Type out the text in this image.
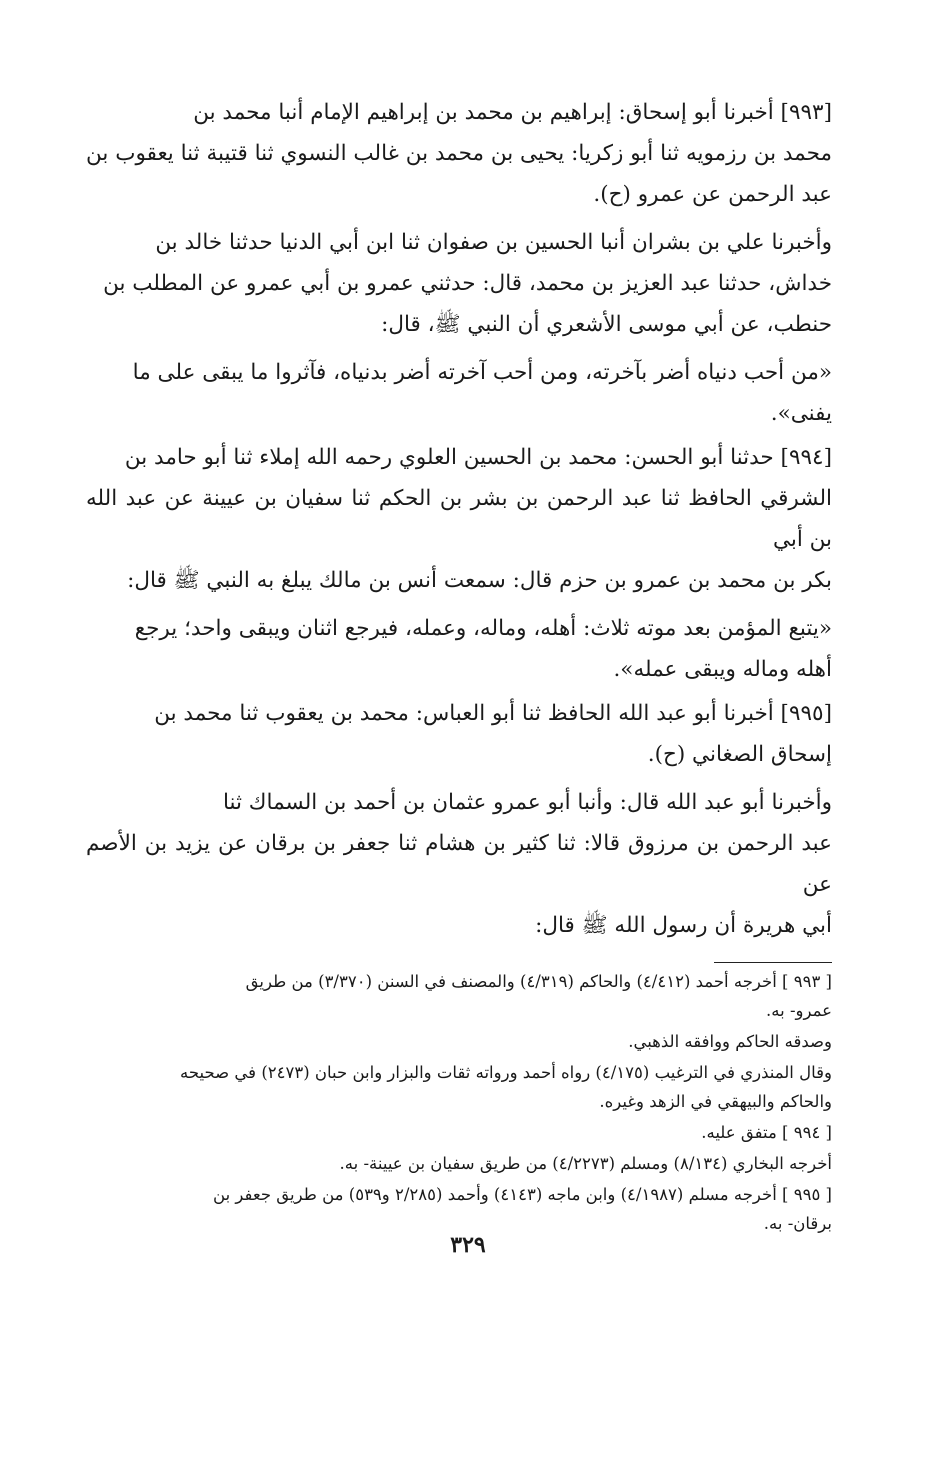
[٩٩٣] أخبرنا أبو إسحاق: إبراهيم بن محمد بن إبراهيم الإمام أنبا محمد بن
محمد بن رزمويه ثنا أبو زكريا: يحيى بن محمد بن غالب النسوي ثنا قتيبة ثنا يعقوب بن
عبد الرحمن عن عمرو (ح).

وأخبرنا علي بن بشران أنبا الحسين بن صفوان ثنا ابن أبي الدنيا حدثنا خالد بن
خداش، حدثنا عبد العزيز بن محمد، قال: حدثني عمرو بن أبي عمرو عن المطلب بن
حنطب، عن أبي موسى الأشعري أن النبي ﷺ، قال:

«من أحب دنياه أضر بآخرته، ومن أحب آخرته أضر بدنياه، فآثروا ما يبقى على ما
يفنى».

[٩٩٤] حدثنا أبو الحسن: محمد بن الحسين العلوي رحمه الله إملاء ثنا أبو حامد بن
الشرقي الحافظ ثنا عبد الرحمن بن بشر بن الحكم ثنا سفيان بن عيينة عن عبد الله بن أبي
بكر بن محمد بن عمرو بن حزم قال: سمعت أنس بن مالك يبلغ به النبي ﷺ قال:

«يتبع المؤمن بعد موته ثلاث: أهله، وماله، وعمله، فيرجع اثنان ويبقى واحد؛ يرجع
أهله وماله ويبقى عمله».

[٩٩٥] أخبرنا أبو عبد الله الحافظ ثنا أبو العباس: محمد بن يعقوب ثنا محمد بن
إسحاق الصغاني (ح).

وأخبرنا أبو عبد الله قال: وأنبا أبو عمرو عثمان بن أحمد بن السماك ثنا
عبد الرحمن بن مرزوق قالا: ثنا كثير بن هشام ثنا جعفر بن برقان عن يزيد بن الأصم عن
أبي هريرة أن رسول الله ﷺ قال:

[ ٩٩٣ ] أخرجه أحمد (٤/٤١٢) والحاكم (٤/٣١٩) والمصنف في السنن (٣/٣٧٠) من طريق
عمرو- به.

وصدقه الحاكم ووافقه الذهبي.

وقال المنذري في الترغيب (٤/١٧٥) رواه أحمد ورواته ثقات والبزار وابن حبان (٢٤٧٣) في صحيحه
والحاكم والبيهقي في الزهد وغيره.

[ ٩٩٤ ] متفق عليه.

أخرجه البخاري (٨/١٣٤) ومسلم (٤/٢٢٧٣) من طريق سفيان بن عيينة- به.

[ ٩٩٥ ] أخرجه مسلم (٤/١٩٨٧) وابن ماجه (٤١٤٣) وأحمد (٢/٢٨٥ و٥٣٩) من طريق جعفر بن
برقان- به.

٣٢٩
